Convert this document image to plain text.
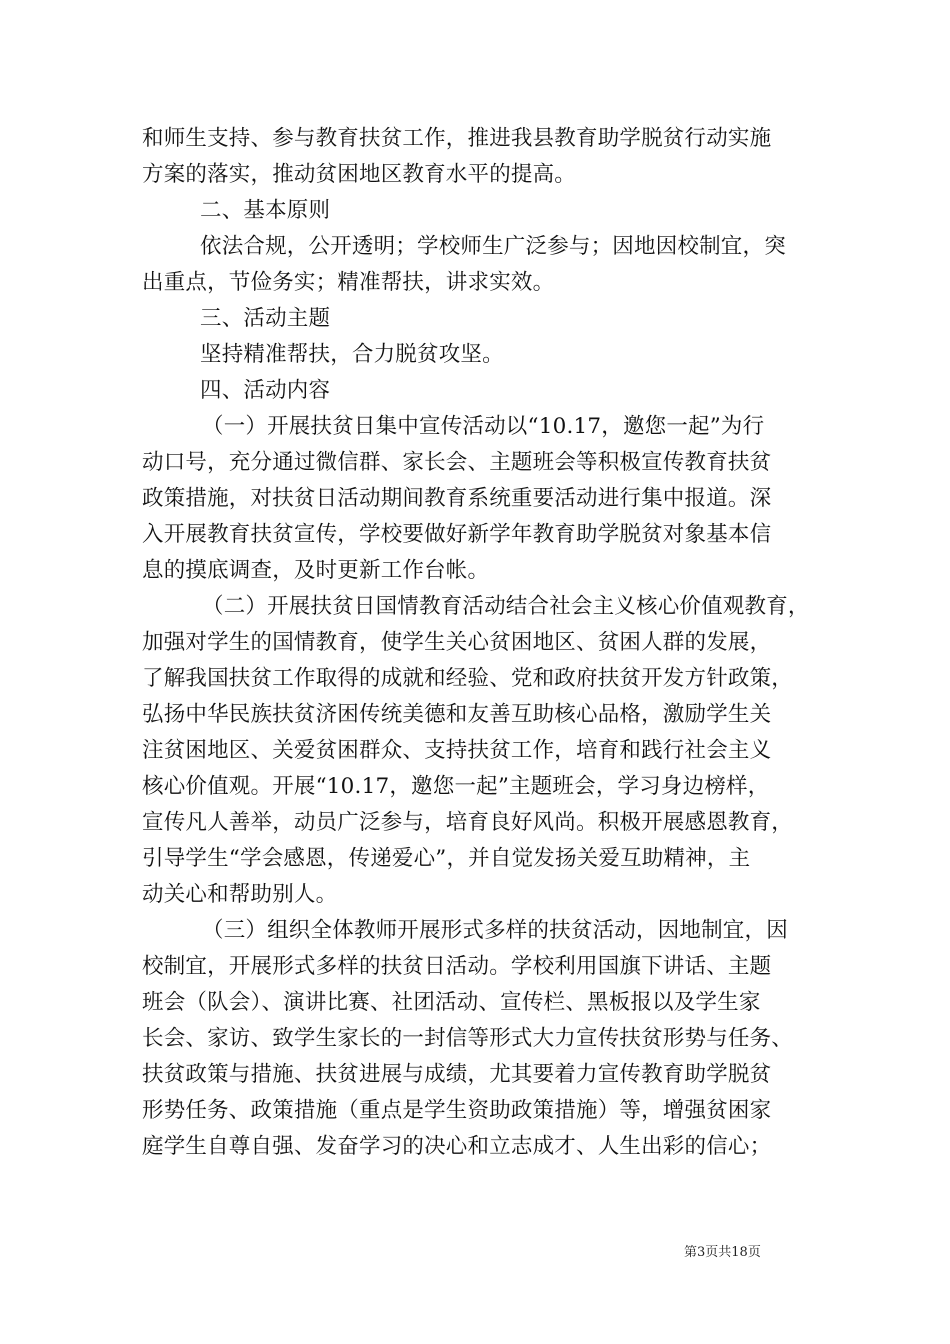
和师生支持、参与教育扶贫工作，推进我县教育助学脱贫行动实施
方案的落实，推动贫困地区教育水平的提高。
二、基本原则
依法合规，公开透明；学校师生广泛参与；因地因校制宜，突
出重点，节俭务实；精准帮扶，讲求实效。
三、活动主题
坚持精准帮扶，合力脱贫攻坚。
四、活动内容
（一）开展扶贫日集中宣传活动以“10.17，邀您一起”为行
动口号，充分通过微信群、家长会、主题班会等积极宣传教育扶贫
政策措施，对扶贫日活动期间教育系统重要活动进行集中报道。深
入开展教育扶贫宣传，学校要做好新学年教育助学脱贫对象基本信
息的摸底调查，及时更新工作台帐。
（二）开展扶贫日国情教育活动结合社会主义核心价值观教育，
加强对学生的国情教育，使学生关心贫困地区、贫困人群的发展，
了解我国扶贫工作取得的成就和经验、党和政府扶贫开发方针政策，
弘扬中华民族扶贫济困传统美德和友善互助核心品格，激励学生关
注贫困地区、关爱贫困群众、支持扶贫工作，培育和践行社会主义
核心价值观。开展“10.17，邀您一起”主题班会，学习身边榜样，
宣传凡人善举，动员广泛参与，培育良好风尚。积极开展感恩教育，
引导学生“学会感恩，传递爱心”，并自觉发扬关爱互助精神，主
动关心和帮助别人。
（三）组织全体教师开展形式多样的扶贫活动，因地制宜，因
校制宜，开展形式多样的扶贫日活动。学校利用国旗下讲话、主题
班会（队会）、演讲比赛、社团活动、宣传栏、黑板报以及学生家
长会、家访、致学生家长的一封信等形式大力宣传扶贫形势与任务、
扶贫政策与措施、扶贫进展与成绩，尤其要着力宣传教育助学脱贫
形势任务、政策措施（重点是学生资助政策措施）等，增强贫困家
庭学生自尊自强、发奋学习的决心和立志成才、人生出彩的信心；
第3页共18页
